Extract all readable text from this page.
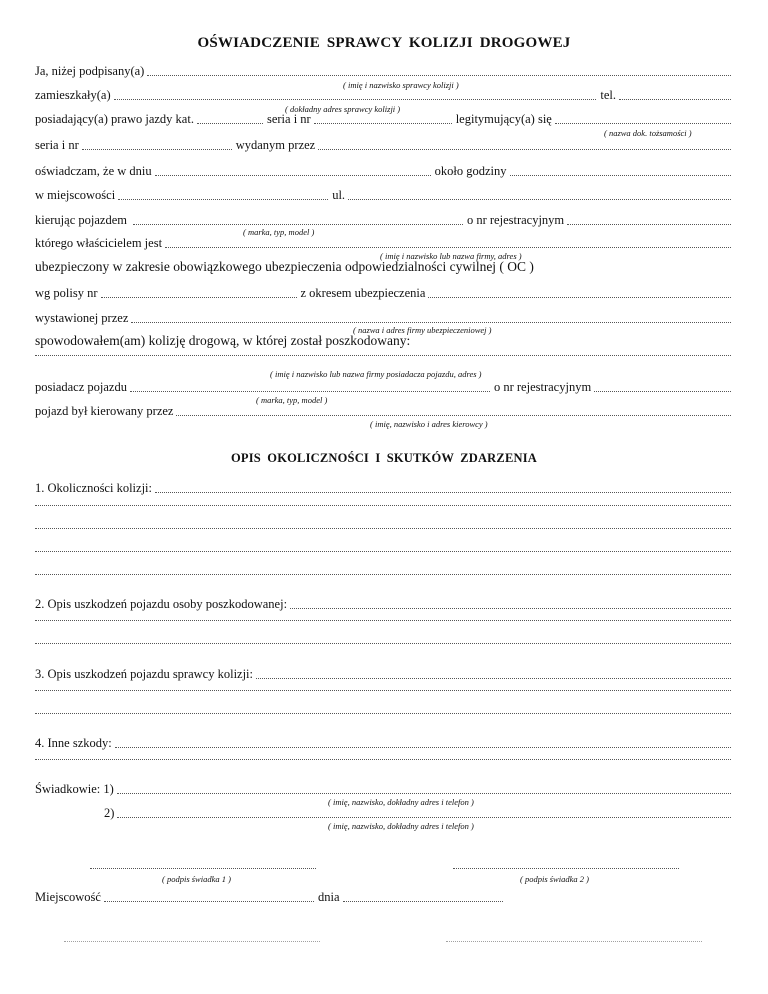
OŚWIADCZENIE SPRAWCY KOLIZJI DROGOWEJ
Ja, niżej podpisany(a)
( imię i nazwisko sprawcy kolizji )
zamieszkały(a)	tel.
( dokładny adres sprawcy kolizji )
posiadający(a) prawo jazdy kat.	seria i nr	legitymujący(a) się
( nazwa dok. tożsamości )
seria i nr	wydanym przez
oświadczam, że w dniu	około godziny
w miejscowości	ul.
kierując pojazdem	o nr rejestracyjnym
( marka, typ, model )
którego właścicielem jest
( imię i nazwisko lub nazwa firmy, adres )
ubezpieczony w zakresie obowiązkowego ubezpieczenia odpowiedzialności cywilnej ( OC )
wg polisy nr	z okresem ubezpieczenia
wystawionej przez
( nazwa i adres firmy ubezpieczeniowej )
spowodowałem(am) kolizję drogową, w której został poszkodowany:
( imię i nazwisko lub nazwa firmy posiadacza pojazdu, adres )
posiadacz pojazdu	o nr rejestracyjnym
( marka, typ, model )
pojazd był kierowany przez
( imię, nazwisko i adres kierowcy )
OPIS OKOLICZNOŚCI I SKUTKÓW ZDARZENIA
1. Okoliczności kolizji:
2. Opis uszkodzeń pojazdu osoby poszkodowanej:
3. Opis uszkodzeń pojazdu sprawcy kolizji:
4. Inne szkody:
Świadkowie: 1)
( imię, nazwisko, dokładny adres i telefon )
2)
( imię, nazwisko, dokładny adres i telefon )
( podpis świadka 1 )	( podpis świadka 2 )
Miejscowość	dnia
